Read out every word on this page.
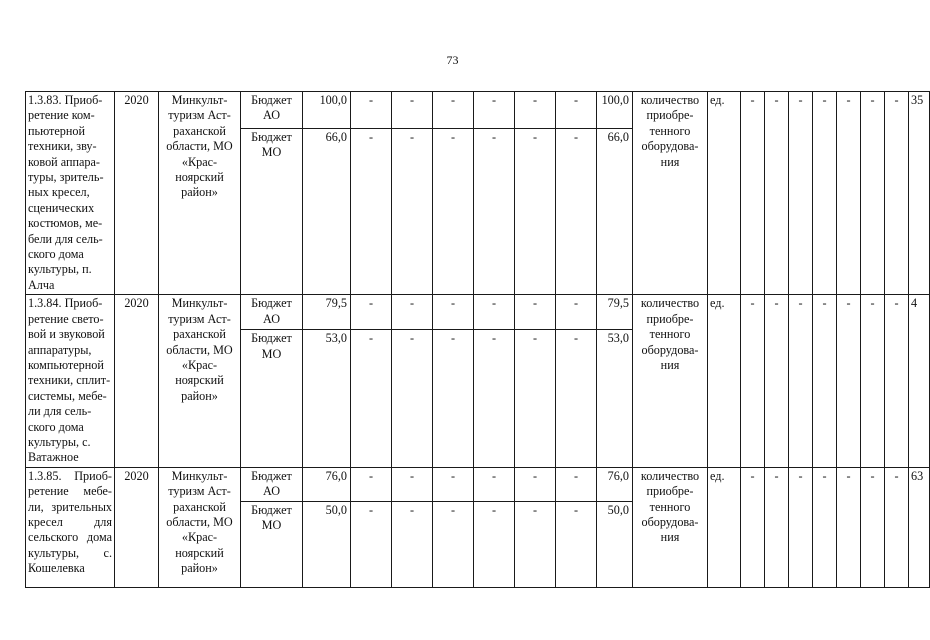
73
1.3.83. Приоб-ретение ком-пьютерной техники, зву-ковой аппара-туры, зритель-ных кресел, сценических костюмов, ме-бели для сель-ского дома культуры, п. Алча	2020	Минкульт-туризм Аст-раханской области, МО «Крас-ноярский район»	Бюджет АО	100,0	-	-	-	-	-	-	100,0	количество приобре-тенного оборудова-ния	ед.	-	-	-	-	-	-	-	35
			Бюджет МО	66,0	-	-	-	-	-	-	66,0										
1.3.84. Приоб-ретение свето-вой и звуковой аппаратуры, компьютерной техники, сплит-системы, мебе-ли для сель-ского дома культуры, с. Ватажное	2020	Минкульт-туризм Аст-раханской области, МО «Крас-ноярский район»	Бюджет АО	79,5	-	-	-	-	-	-	79,5	количество приобре-тенного оборудова-ния	ед.	-	-	-	-	-	-	-	4
			Бюджет МО	53,0	-	-	-	-	-	-	53,0										
1.3.85. Приоб-ретение мебе-ли, зрительных кресел для сельского дома культуры, с. Кошелевка	2020	Минкульт-туризм Аст-раханской области, МО «Крас-ноярский район»	Бюджет АО	76,0	-	-	-	-	-	-	76,0	количество приобре-тенного оборудова-ния	ед.	-	-	-	-	-	-	-	63
			Бюджет МО	50,0	-	-	-	-	-	-	50,0										
